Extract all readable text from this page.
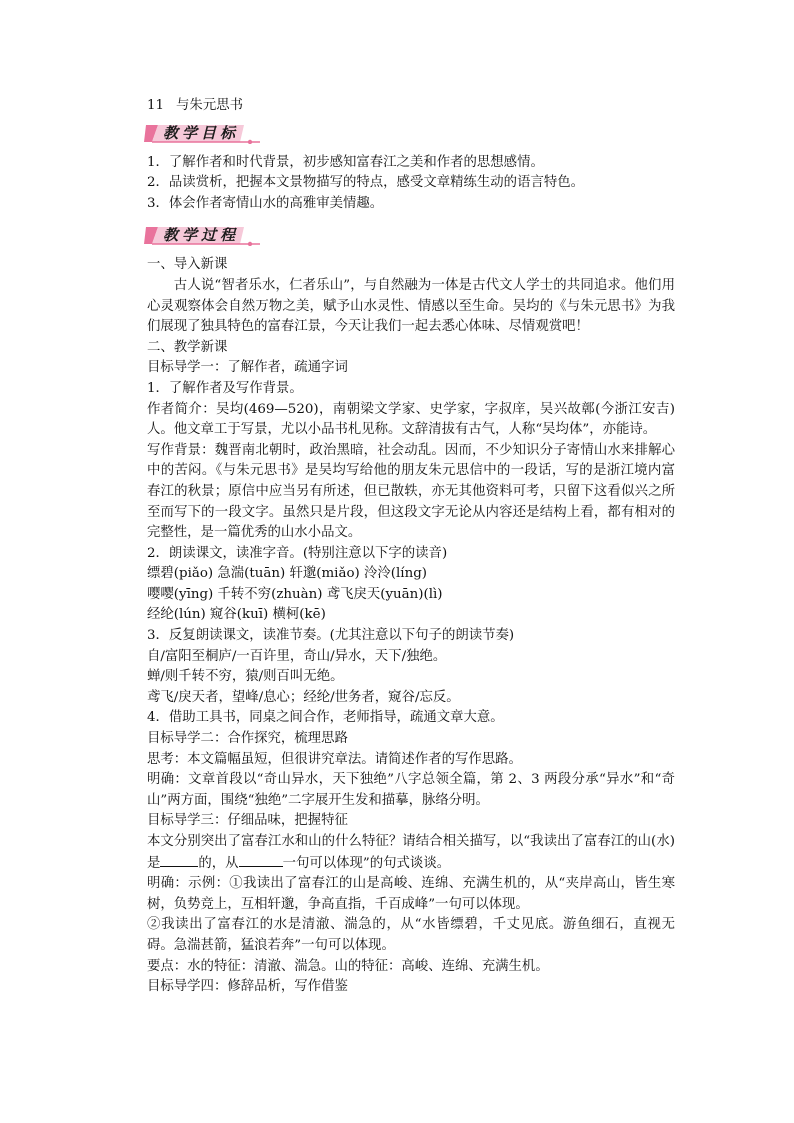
11 与朱元思书

教学目标

1．了解作者和时代背景，初步感知富春江之美和作者的思想感情。

2．品读赏析，把握本文景物描写的特点，感受文章精练生动的语言特色。

3．体会作者寄情山水的高雅审美情趣。

教学过程

一、导入新课

古人说“智者乐水，仁者乐山”，与自然融为一体是古代文人学士的共同追求。他们用心灵观察体会自然万物之美，赋予山水灵性、情感以至生命。吴均的《与朱元思书》为我们展现了独具特色的富春江景，今天让我们一起去悉心体味、尽情观赏吧！

二、教学新课

目标导学一：了解作者，疏通字词

1．了解作者及写作背景。

作者简介：吴均(469—520)，南朝梁文学家、史学家，字叔庠，吴兴故鄣(今浙江安吉)人。他文章工于写景，尤以小品书札见称。文辞清拔有古气，人称“吴均体”，亦能诗。

写作背景：魏晋南北朝时，政治黑暗，社会动乱。因而，不少知识分子寄情山水来排解心中的苦闷。《与朱元思书》是吴均写给他的朋友朱元思信中的一段话，写的是浙江境内富春江的秋景；原信中应当另有所述，但已散轶，亦无其他资料可考，只留下这看似兴之所至而写下的一段文字。虽然只是片段，但这段文字无论从内容还是结构上看，都有相对的完整性，是一篇优秀的山水小品文。

2．朗读课文，读准字音。(特别注意以下字的读音)

缥碧(piǎo) 急湍(tuān) 轩邈(miǎo) 泠泠(líng)

嘤嘤(yīng) 千转不穷(zhuàn) 鸢飞戾天(yuān)(lì)

经纶(lún) 窥谷(kuī) 横柯(kē)

3．反复朗读课文，读准节奏。(尤其注意以下句子的朗读节奏)

自/富阳至桐庐/一百许里，奇山/异水，天下/独绝。

蝉/则千转不穷，猿/则百叫无绝。

鸢飞/戾天者，望峰/息心；经纶/世务者，窥谷/忘反。

4．借助工具书，同桌之间合作，老师指导，疏通文章大意。

目标导学二：合作探究，梳理思路

思考：本文篇幅虽短，但很讲究章法。请简述作者的写作思路。

明确：文章首段以“奇山异水，天下独绝”八字总领全篇，第 2、3 两段分承“异水”和“奇山”两方面，围绕“独绝”二字展开生发和描摹，脉络分明。

目标导学三：仔细品味，把握特征

本文分别突出了富春江水和山的什么特征？请结合相关描写，以“我读出了富春江的山(水)是	的，从	一句可以体现”的句式谈谈。

明确：示例：①我读出了富春江的山是高峻、连绵、充满生机的，从“夹岸高山，皆生寒树，负势竞上，互相轩邈，争高直指，千百成峰”一句可以体现。

②我读出了富春江的水是清澈、湍急的，从“水皆缥碧，千丈见底。游鱼细石，直视无碍。急湍甚箭，猛浪若奔”一句可以体现。

要点：水的特征：清澈、湍急。山的特征：高峻、连绵、充满生机。

目标导学四：修辞品析，写作借鉴
